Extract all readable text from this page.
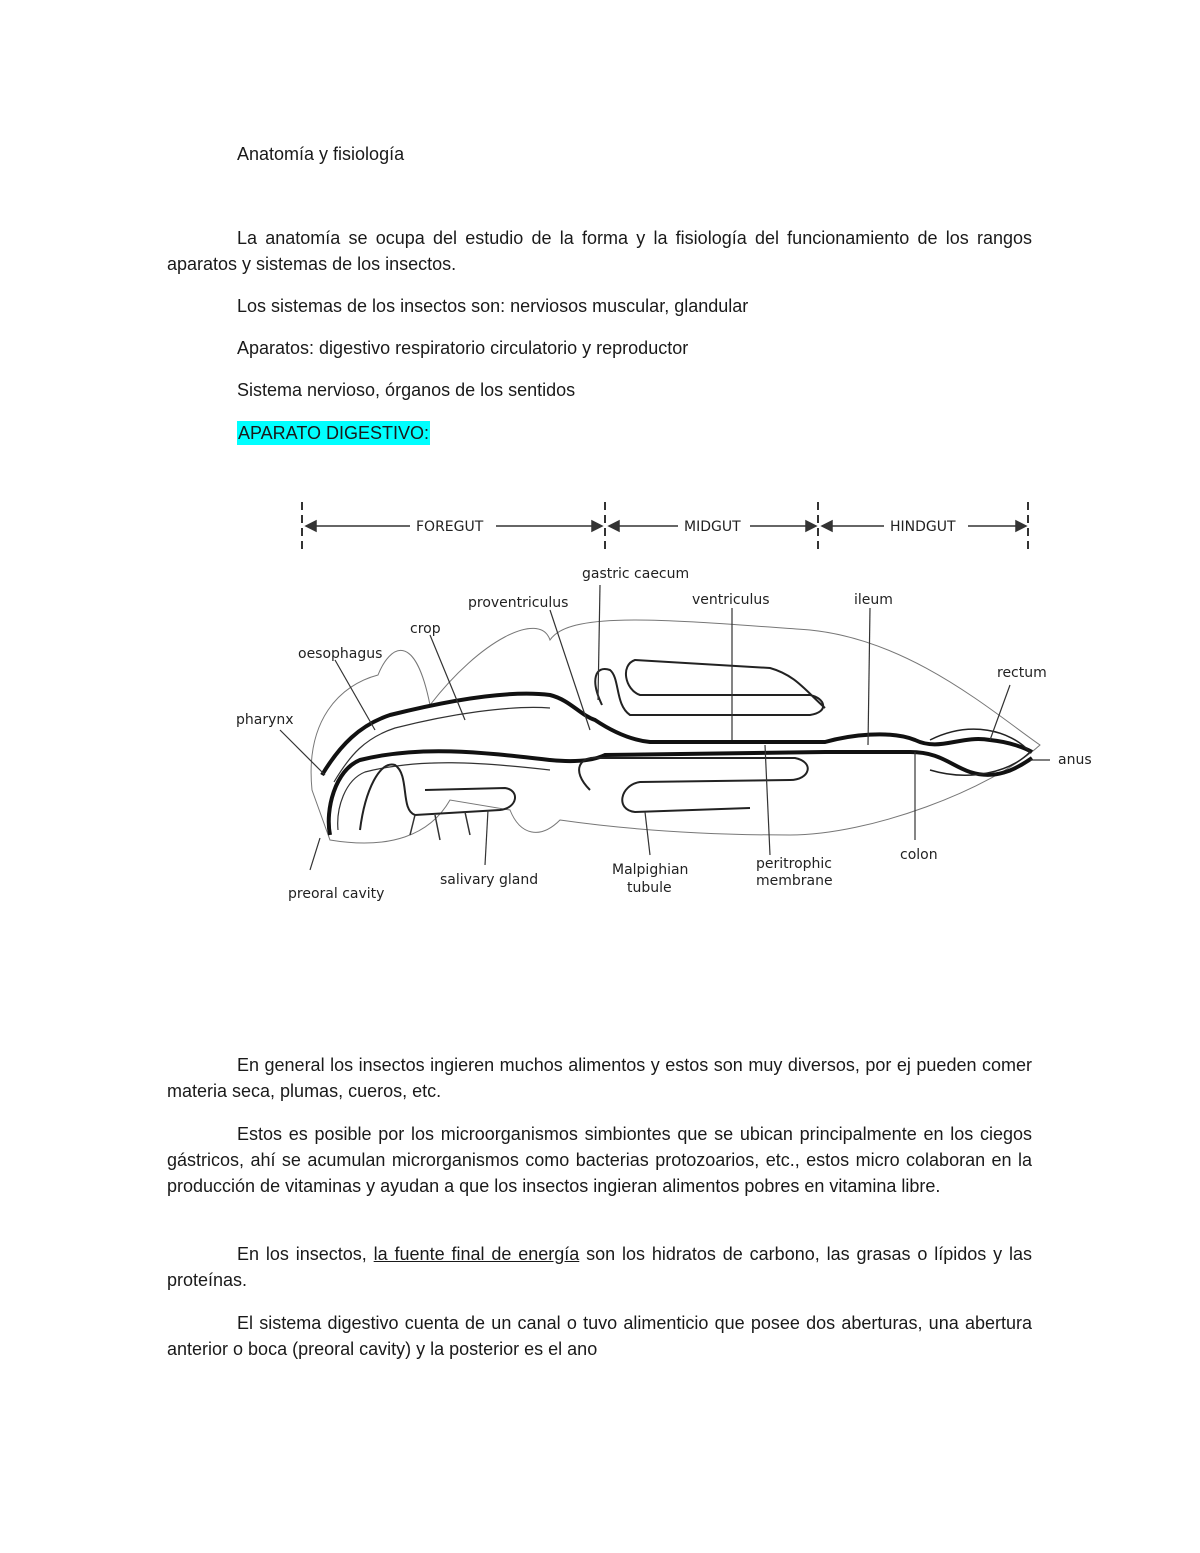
Anatomía y fisiología

La anatomía se ocupa del estudio de la forma y la fisiología del funcionamiento de los rangos aparatos y sistemas de los insectos.

Los sistemas de los insectos son: nerviosos muscular, glandular

Aparatos: digestivo respiratorio circulatorio y reproductor

Sistema nervioso, órganos de los sentidos

APARATO DIGESTIVO:

FOREGUT	MIDGUT	HINDGUT
gastric caecum
proventriculus	ventriculus	ileum
crop
oesophagus
rectum
pharynx
anus
preoral cavity
salivary gland
Malpighian
tubule
peritrophic
membrane
colon

En general los insectos ingieren muchos alimentos y estos son muy diversos, por ej pueden comer materia seca, plumas, cueros, etc.

Estos es posible por los microorganismos simbiontes que se ubican principalmente en los ciegos gástricos, ahí se acumulan microrganismos como bacterias protozoarios, etc., estos micro colaboran en la producción de vitaminas y ayudan a que los insectos ingieran alimentos pobres en vitamina libre.

En los insectos, la fuente final de energía son los hidratos de carbono, las grasas o lípidos y las proteínas.

El sistema digestivo cuenta de un canal o tuvo alimenticio que posee dos aberturas, una abertura anterior o boca (preoral cavity) y la posterior es el ano
